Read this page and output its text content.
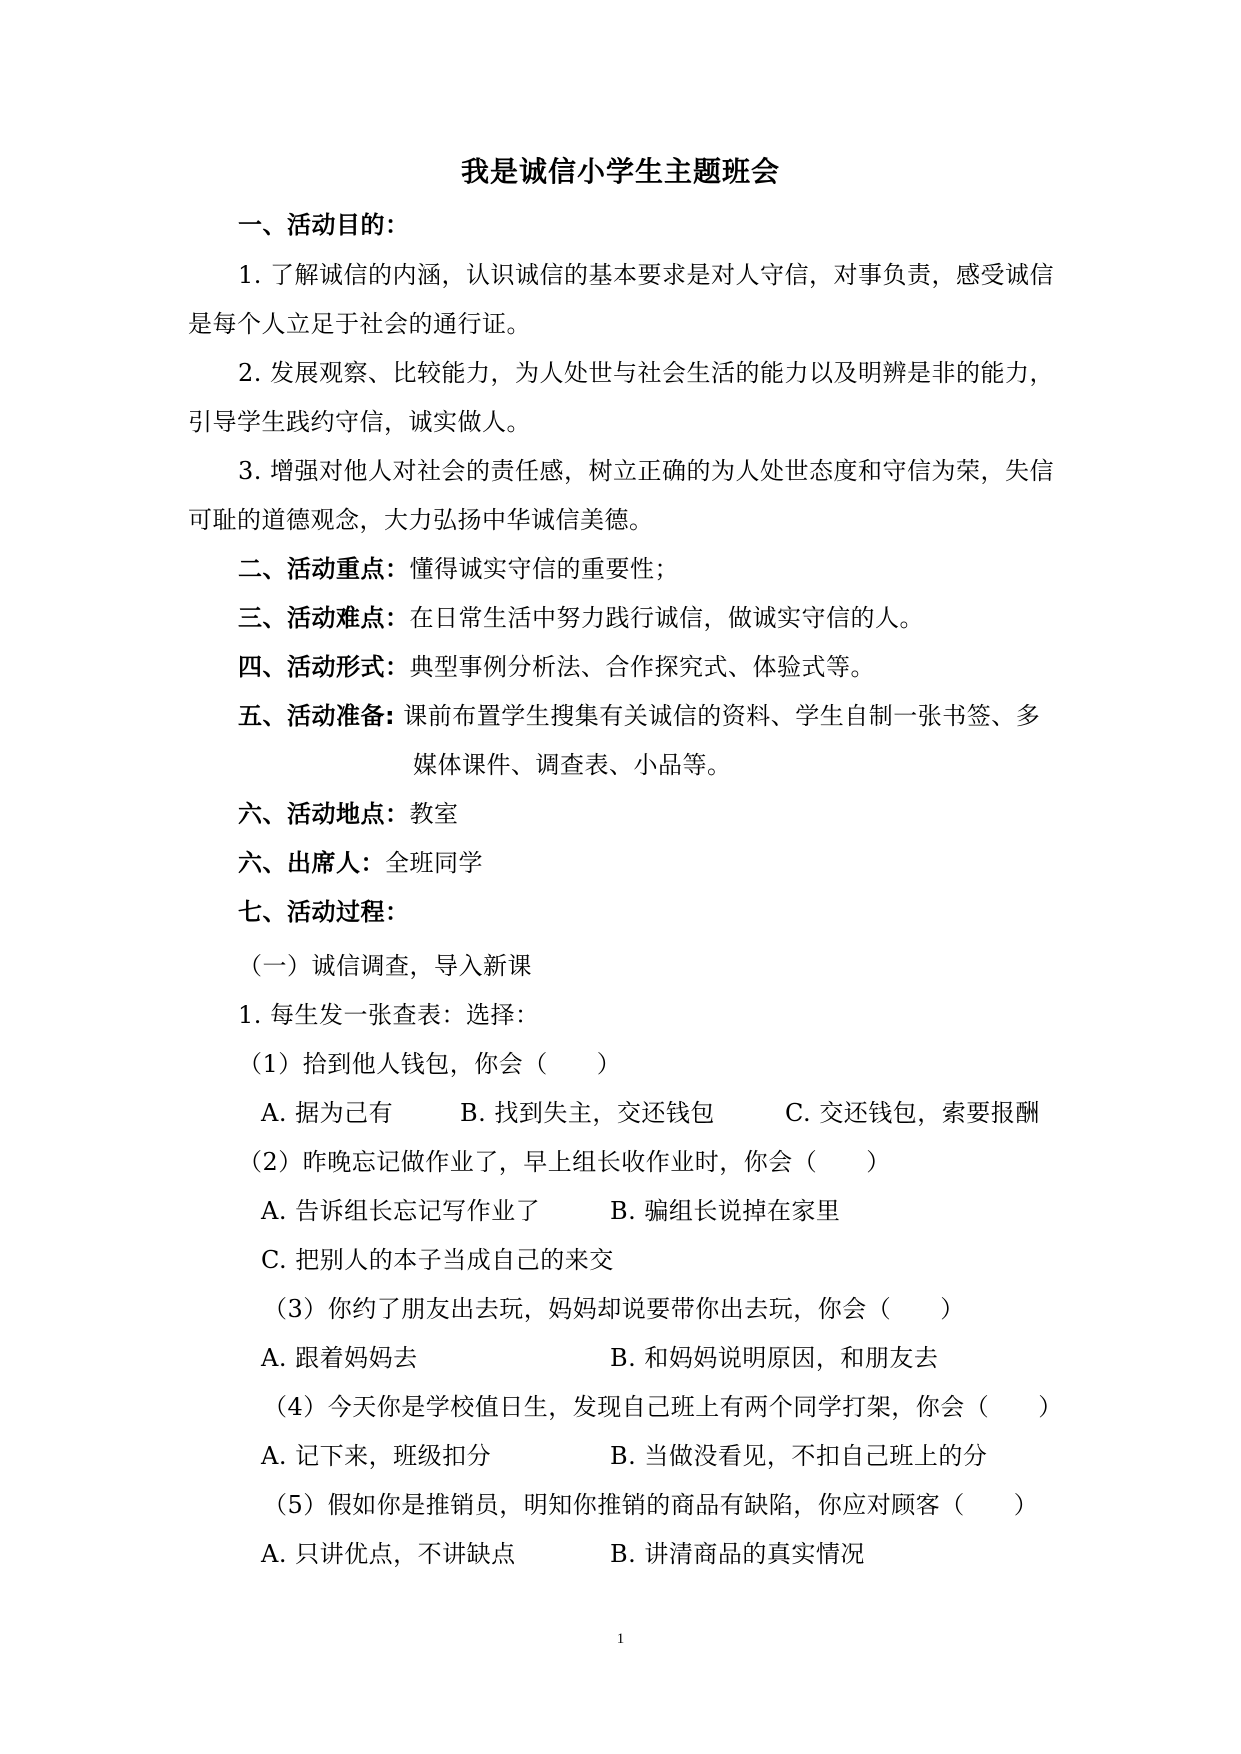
我是诚信小学生主题班会
一、活动目的：
1. 了解诚信的内涵，认识诚信的基本要求是对人守信，对事负责，感受诚信
是每个人立足于社会的通行证。
2. 发展观察、比较能力，为人处世与社会生活的能力以及明辨是非的能力，
引导学生践约守信，诚实做人。
3. 增强对他人对社会的责任感，树立正确的为人处世态度和守信为荣，失信
可耻的道德观念，大力弘扬中华诚信美德。
二、活动重点：懂得诚实守信的重要性；
三、活动难点：在日常生活中努力践行诚信，做诚实守信的人。
四、活动形式：典型事例分析法、合作探究式、体验式等。
五、活动准备: 课前布置学生搜集有关诚信的资料、学生自制一张书签、多
媒体课件、调查表、小品等。
六、活动地点：教室
六、出席人：全班同学
七、活动过程：
（一）诚信调查，导入新课
1. 每生发一张查表：选择：
（1）拾到他人钱包，你会（　　）
A. 据为己有	B. 找到失主，交还钱包	C. 交还钱包，索要报酬
（2）昨晚忘记做作业了，早上组长收作业时，你会（　　）
A. 告诉组长忘记写作业了	B. 骗组长说掉在家里
C. 把别人的本子当成自己的来交
（3）你约了朋友出去玩，妈妈却说要带你出去玩，你会（　　）
A. 跟着妈妈去	B. 和妈妈说明原因，和朋友去
（4）今天你是学校值日生，发现自己班上有两个同学打架，你会（　　）
A. 记下来，班级扣分	B. 当做没看见，不扣自己班上的分
（5）假如你是推销员，明知你推销的商品有缺陷，你应对顾客（　　）
A. 只讲优点，不讲缺点	B. 讲清商品的真实情况
1
